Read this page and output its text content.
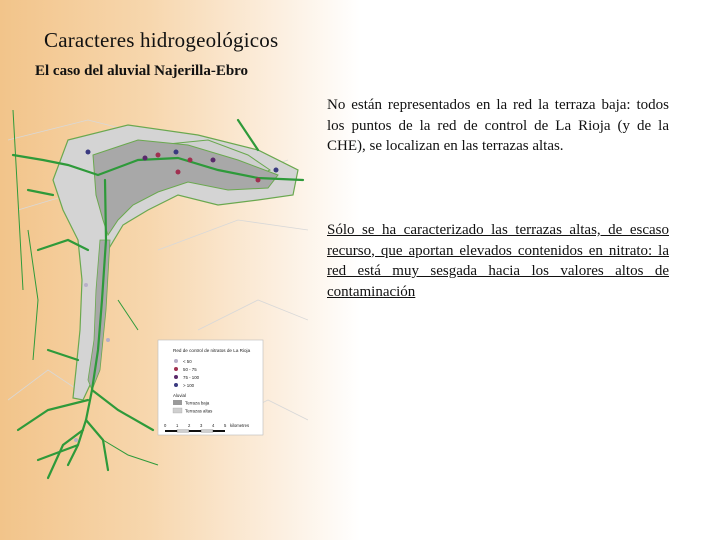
Caracteres hidrogeológicos
El caso del aluvial Najerilla-Ebro
Red de control de nitratos de La Rioja
< 50
50 - 75
75 - 100
> 100
Aluvial
Terraza baja
Terrazas altas
0 1 2 3 4 5 kilometres

No están representados en la red la terraza baja: todos los puntos de la red de control de La Rioja (y de la CHE), se localizan en las terrazas altas.

Sólo se ha caracterizado las terrazas altas, de escaso recurso, que aportan elevados contenidos en nitrato: la red está muy sesgada hacia los valores altos de contaminación
